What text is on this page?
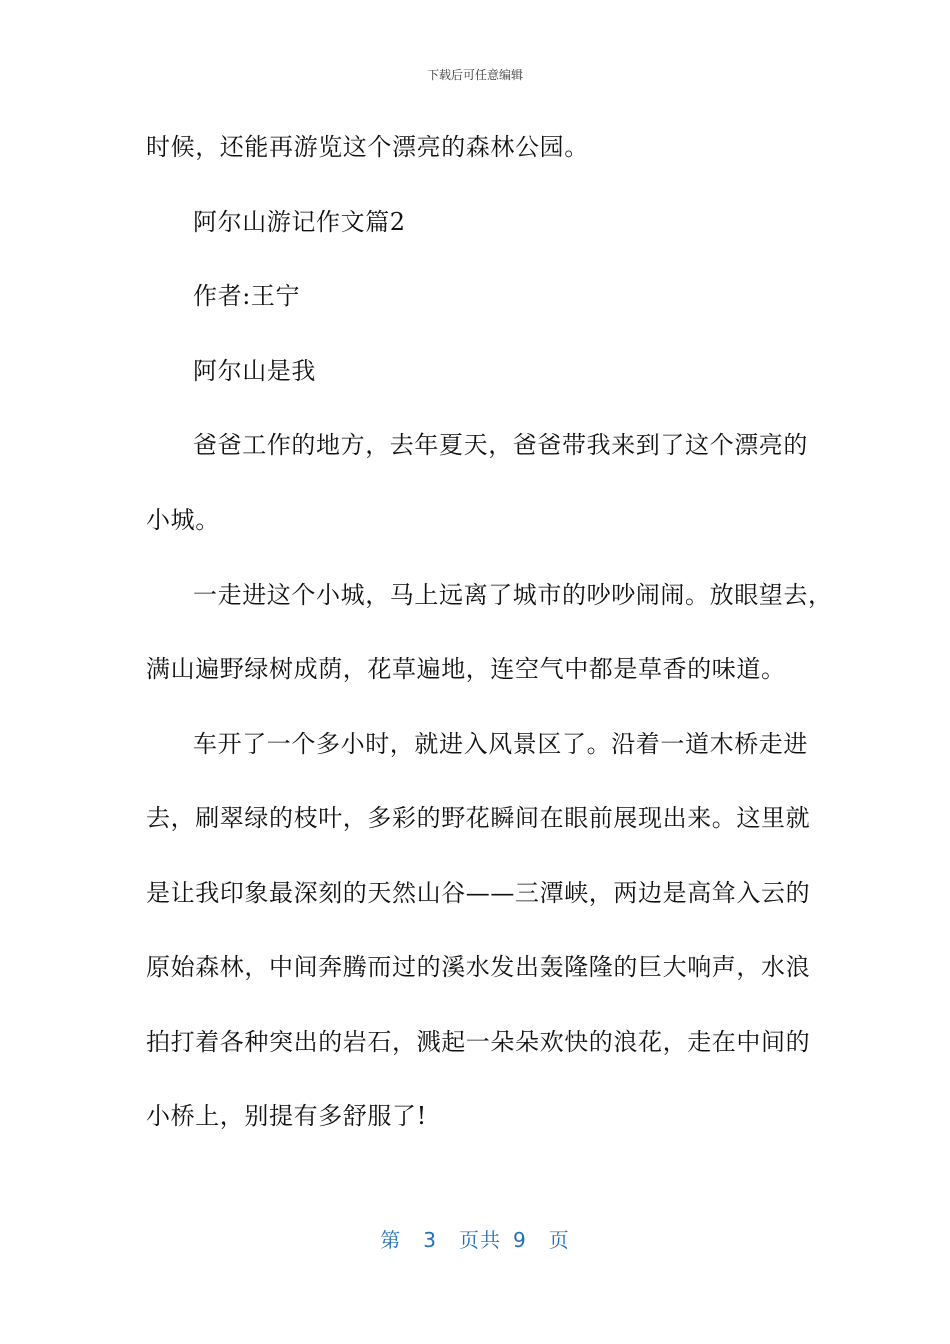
下载后可任意编辑
时候，还能再游览这个漂亮的森林公园。
阿尔山游记作文篇2
作者:王宁
阿尔山是我
爸爸工作的地方，去年夏天，爸爸带我来到了这个漂亮的
小城。
一走进这个小城，马上远离了城市的吵吵闹闹。放眼望去，
满山遍野绿树成荫，花草遍地，连空气中都是草香的味道。
车开了一个多小时，就进入风景区了。沿着一道木桥走进
去，刷翠绿的枝叶，多彩的野花瞬间在眼前展现出来。这里就
是让我印象最深刻的天然山谷——三潭峡，两边是高耸入云的
原始森林，中间奔腾而过的溪水发出轰隆隆的巨大响声，水浪
拍打着各种突出的岩石，溅起一朵朵欢快的浪花，走在中间的
小桥上，别提有多舒服了!
第 3 页共 9 页
